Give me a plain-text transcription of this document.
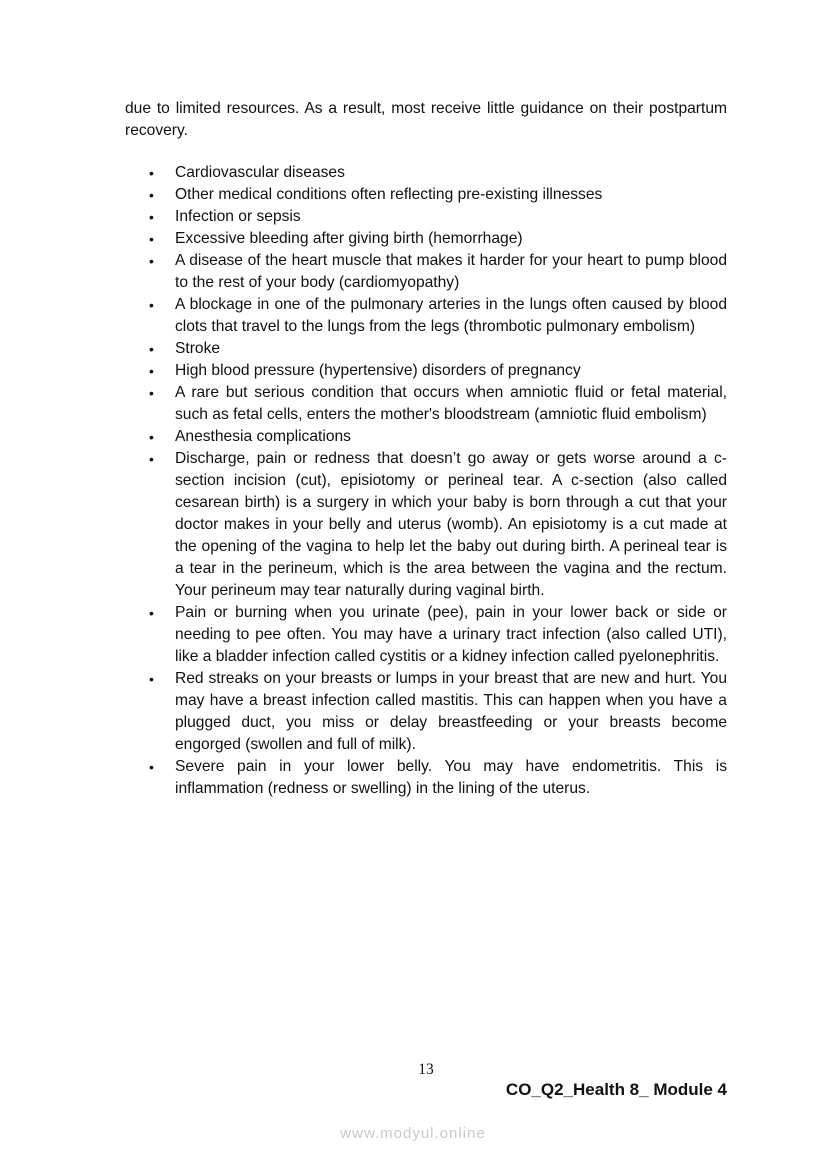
due to limited resources. As a result, most receive little guidance on their postpartum recovery.

• Cardiovascular diseases
• Other medical conditions often reflecting pre-existing illnesses
• Infection or sepsis
• Excessive bleeding after giving birth (hemorrhage)
• A disease of the heart muscle that makes it harder for your heart to pump blood to the rest of your body (cardiomyopathy)
• A blockage in one of the pulmonary arteries in the lungs often caused by blood clots that travel to the lungs from the legs (thrombotic pulmonary embolism)
• Stroke
• High blood pressure (hypertensive) disorders of pregnancy
• A rare but serious condition that occurs when amniotic fluid or fetal material, such as fetal cells, enters the mother's bloodstream (amniotic fluid embolism)
• Anesthesia complications
• Discharge, pain or redness that doesn’t go away or gets worse around a c-section incision (cut), episiotomy or perineal tear. A c-section (also called cesarean birth) is a surgery in which your baby is born through a cut that your doctor makes in your belly and uterus (womb). An episiotomy is a cut made at the opening of the vagina to help let the baby out during birth. A perineal tear is a tear in the perineum, which is the area between the vagina and the rectum. Your perineum may tear naturally during vaginal birth.
• Pain or burning when you urinate (pee), pain in your lower back or side or needing to pee often. You may have a urinary tract infection (also called UTI), like a bladder infection called cystitis or a kidney infection called pyelonephritis.
• Red streaks on your breasts or lumps in your breast that are new and hurt. You may have a breast infection called mastitis. This can happen when you have a plugged duct, you miss or delay breastfeeding or your breasts become engorged (swollen and full of milk).
• Severe pain in your lower belly. You may have endometritis. This is inflammation (redness or swelling) in the lining of the uterus.
13
CO_Q2_Health 8_ Module 4
www.modyul.online
